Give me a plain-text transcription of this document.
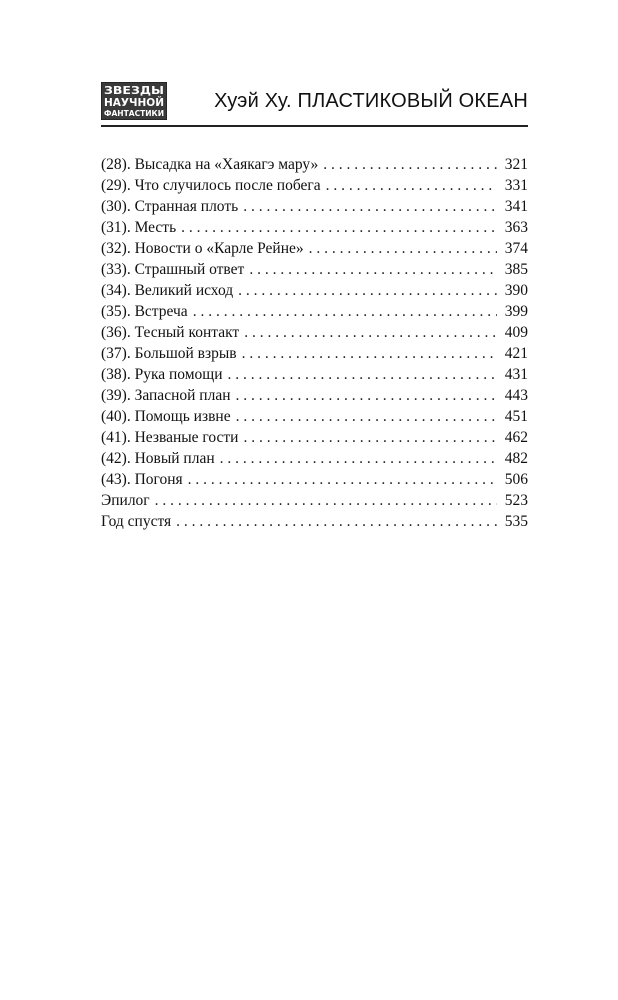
ЗВЕЗДЫ
НАУЧНОЙ
ФАНТАСТИКИ
Хуэй Ху. ПЛАСТИКОВЫЙ ОКЕАН
(28). Высадка на «Хаякагэ мару» . . .	321
(29). Что случилось после побега . . .	331
(30). Странная плоть . . .	341
(31). Месть . . .	363
(32). Новости о «Карле Рейне» . . .	374
(33). Страшный ответ . . .	385
(34). Великий исход . . .	390
(35). Встреча . . .	399
(36). Тесный контакт . . .	409
(37). Большой взрыв . . .	421
(38). Рука помощи . . .	431
(39). Запасной план . . .	443
(40). Помощь извне . . .	451
(41). Незваные гости . . .	462
(42). Новый план . . .	482
(43). Погоня . . .	506
Эпилог . . .	523
Год спустя . . .	535
